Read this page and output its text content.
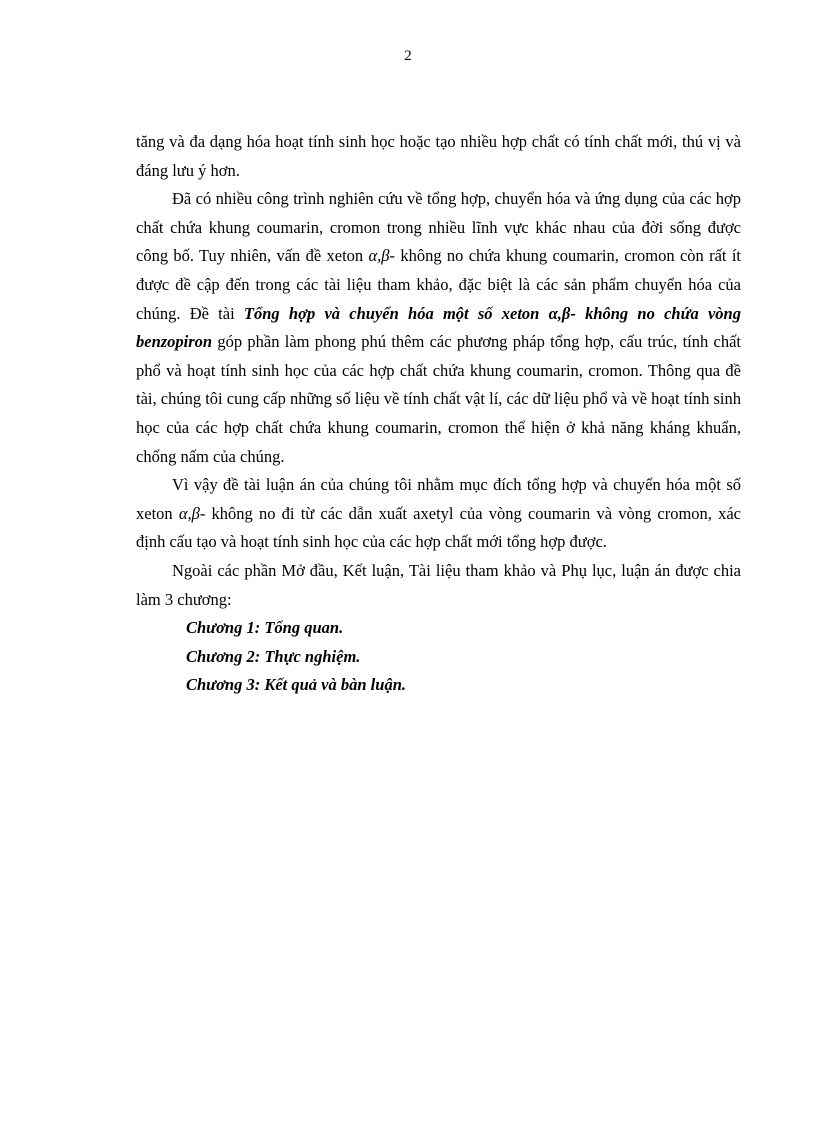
2

tăng và đa dạng hóa hoạt tính sinh học hoặc tạo nhiều hợp chất có tính chất mới, thú vị và đáng lưu ý hơn.

Đã có nhiều công trình nghiên cứu về tổng hợp, chuyển hóa và ứng dụng của các hợp chất chứa khung coumarin, cromon trong nhiều lĩnh vực khác nhau của đời sống được công bố. Tuy nhiên, vấn đề xeton α,β- không no chứa khung coumarin, cromon còn rất ít được đề cập đến trong các tài liệu tham khảo, đặc biệt là các sản phẩm chuyển hóa của chúng. Đề tài Tổng hợp và chuyển hóa một số xeton α,β- không no chứa vòng benzopiron góp phần làm phong phú thêm các phương pháp tổng hợp, cấu trúc, tính chất phổ và hoạt tính sinh học của các hợp chất chứa khung coumarin, cromon. Thông qua đề tài, chúng tôi cung cấp những số liệu về tính chất vật lí, các dữ liệu phổ và về hoạt tính sinh học của các hợp chất chứa khung coumarin, cromon thể hiện ở khả năng kháng khuẩn, chống nấm của chúng.

Vì vậy đề tài luận án của chúng tôi nhằm mục đích tổng hợp và chuyển hóa một số xeton α,β- không no đi từ các dẫn xuất axetyl của vòng coumarin và vòng cromon, xác định cấu tạo và hoạt tính sinh học của các hợp chất mới tổng hợp được.

Ngoài các phần Mở đầu, Kết luận, Tài liệu tham khảo và Phụ lục, luận án được chia làm 3 chương:

Chương 1: Tổng quan.
Chương 2: Thực nghiệm.
Chương 3: Kết quả và bàn luận.
